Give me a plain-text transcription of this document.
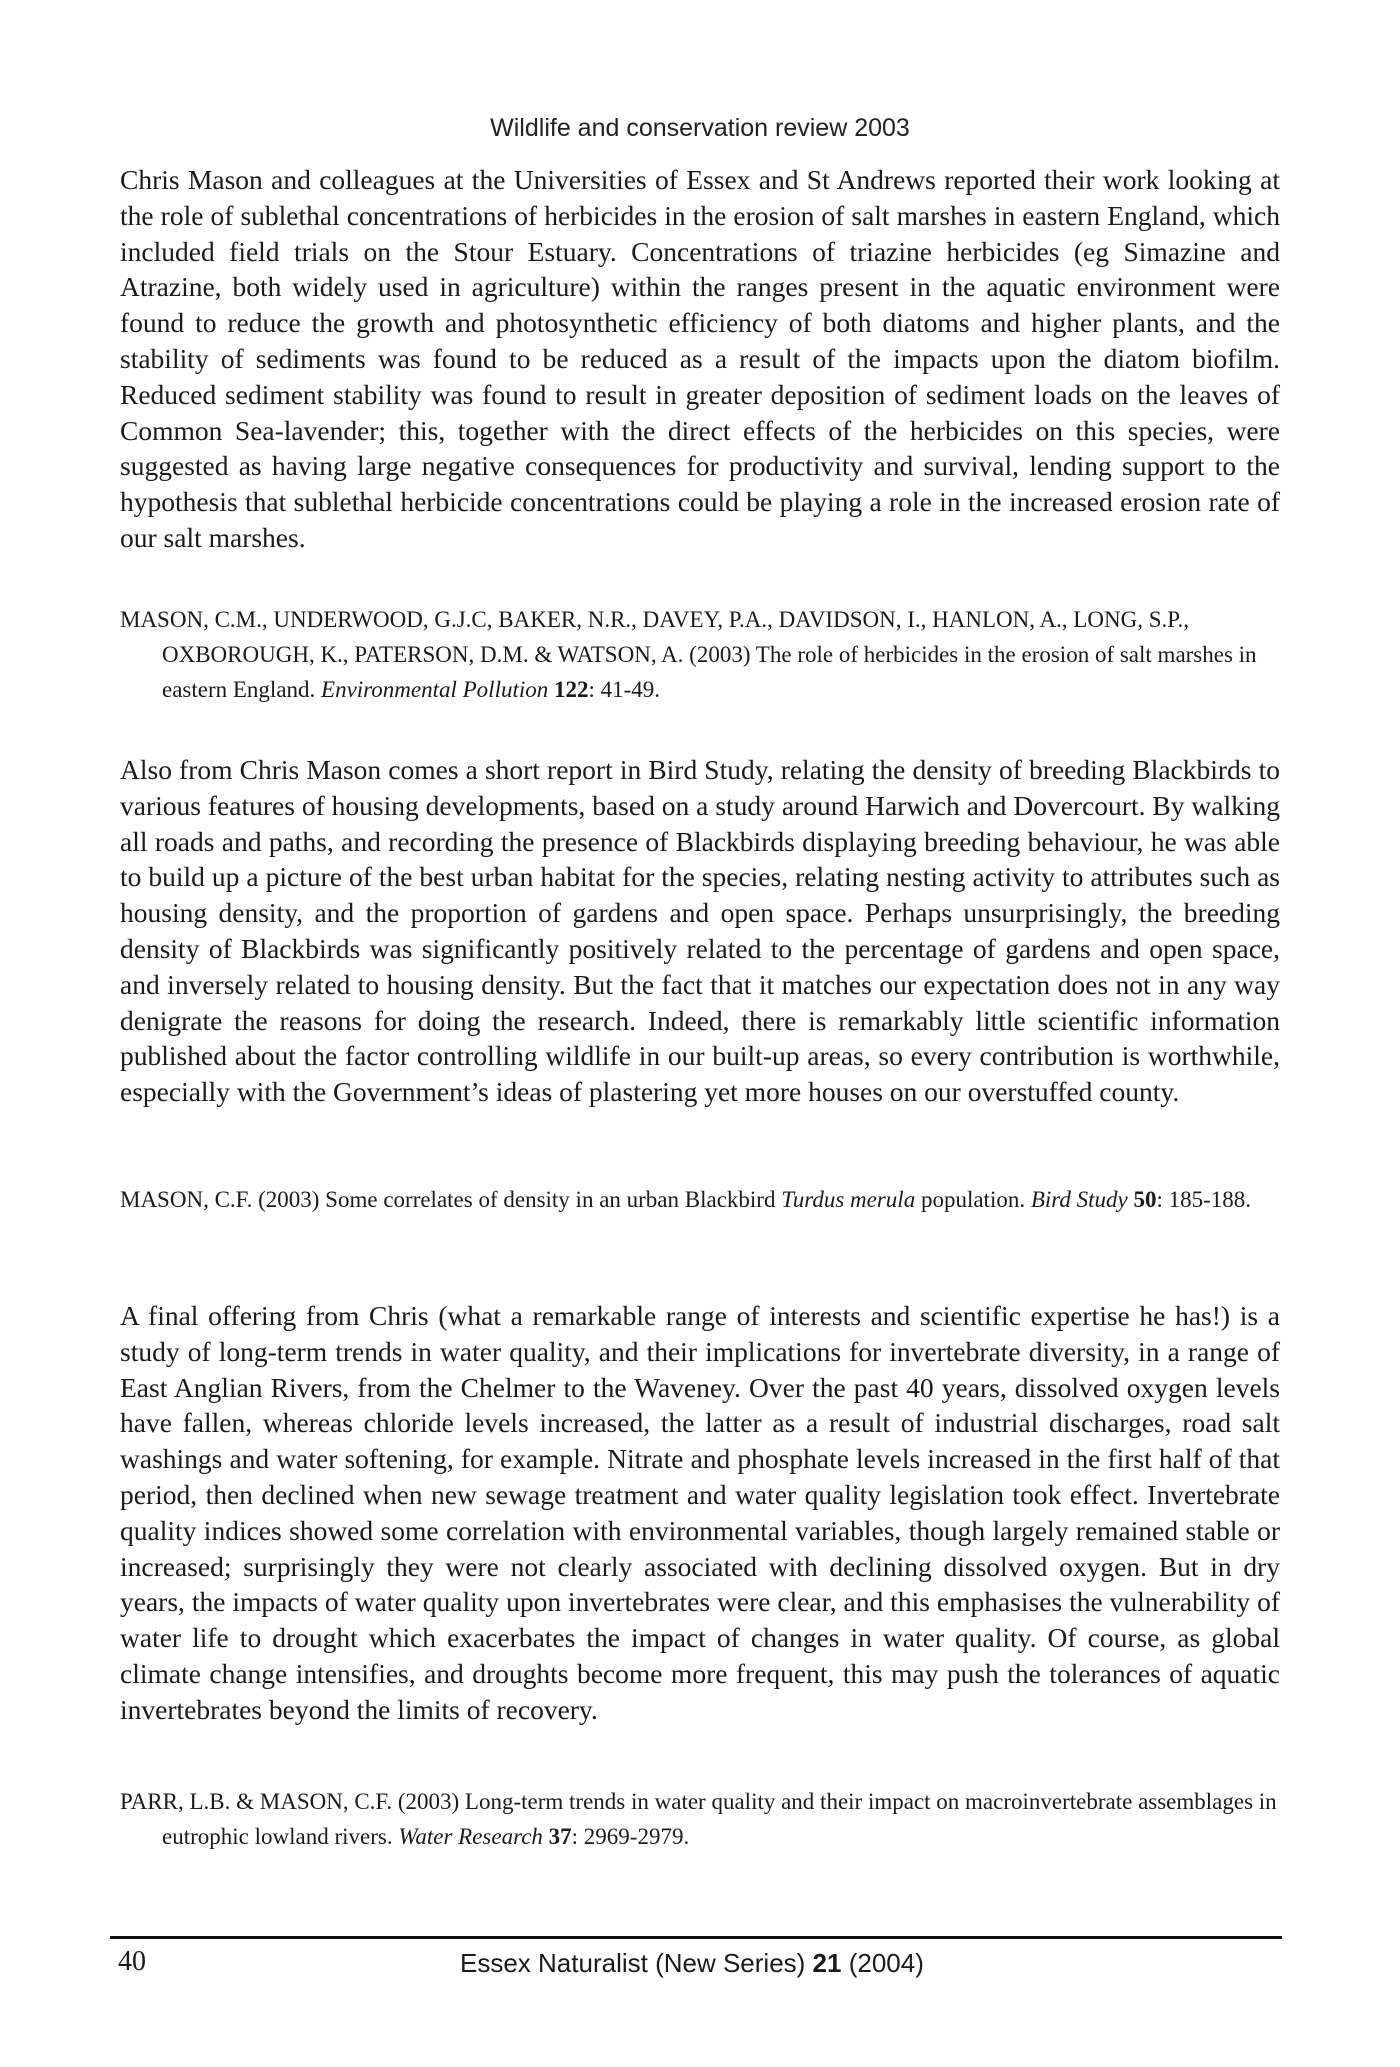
Wildlife and conservation review 2003

Chris Mason and colleagues at the Universities of Essex and St Andrews reported their work looking at the role of sublethal concentrations of herbicides in the erosion of salt marshes in eastern England, which included field trials on the Stour Estuary. Concentrations of triazine herbicides (eg Simazine and Atrazine, both widely used in agriculture) within the ranges present in the aquatic environment were found to reduce the growth and photosynthetic efficiency of both diatoms and higher plants, and the stability of sediments was found to be reduced as a result of the impacts upon the diatom biofilm. Reduced sediment stability was found to result in greater deposition of sediment loads on the leaves of Common Sea-lavender; this, together with the direct effects of the herbicides on this species, were suggested as having large negative consequences for productivity and survival, lending support to the hypothesis that sublethal herbicide concentrations could be playing a role in the increased erosion rate of our salt marshes.

MASON, C.M., UNDERWOOD, G.J.C, BAKER, N.R., DAVEY, P.A., DAVIDSON, I., HANLON, A., LONG, S.P., OXBOROUGH, K., PATERSON, D.M. & WATSON, A. (2003) The role of herbicides in the erosion of salt marshes in eastern England. Environmental Pollution 122: 41-49.

Also from Chris Mason comes a short report in Bird Study, relating the density of breeding Blackbirds to various features of housing developments, based on a study around Harwich and Dovercourt. By walking all roads and paths, and recording the presence of Blackbirds displaying breeding behaviour, he was able to build up a picture of the best urban habitat for the species, relating nesting activity to attributes such as housing density, and the proportion of gardens and open space. Perhaps unsurprisingly, the breeding density of Blackbirds was significantly positively related to the percentage of gardens and open space, and inversely related to housing density. But the fact that it matches our expectation does not in any way denigrate the reasons for doing the research. Indeed, there is remarkably little scientific information published about the factor controlling wildlife in our built-up areas, so every contribution is worthwhile, especially with the Government’s ideas of plastering yet more houses on our overstuffed county.

MASON, C.F. (2003) Some correlates of density in an urban Blackbird Turdus merula population. Bird Study 50: 185-188.

A final offering from Chris (what a remarkable range of interests and scientific expertise he has!) is a study of long-term trends in water quality, and their implications for invertebrate diversity, in a range of East Anglian Rivers, from the Chelmer to the Waveney. Over the past 40 years, dissolved oxygen levels have fallen, whereas chloride levels increased, the latter as a result of industrial discharges, road salt washings and water softening, for example. Nitrate and phosphate levels increased in the first half of that period, then declined when new sewage treatment and water quality legislation took effect. Invertebrate quality indices showed some correlation with environmental variables, though largely remained stable or increased; surprisingly they were not clearly associated with declining dissolved oxygen. But in dry years, the impacts of water quality upon invertebrates were clear, and this emphasises the vulnerability of water life to drought which exacerbates the impact of changes in water quality. Of course, as global climate change intensifies, and droughts become more frequent, this may push the tolerances of aquatic invertebrates beyond the limits of recovery.

PARR, L.B. & MASON, C.F. (2003) Long-term trends in water quality and their impact on macroinvertebrate assemblages in eutrophic lowland rivers. Water Research 37: 2969-2979.

40	Essex Naturalist (New Series) 21 (2004)
